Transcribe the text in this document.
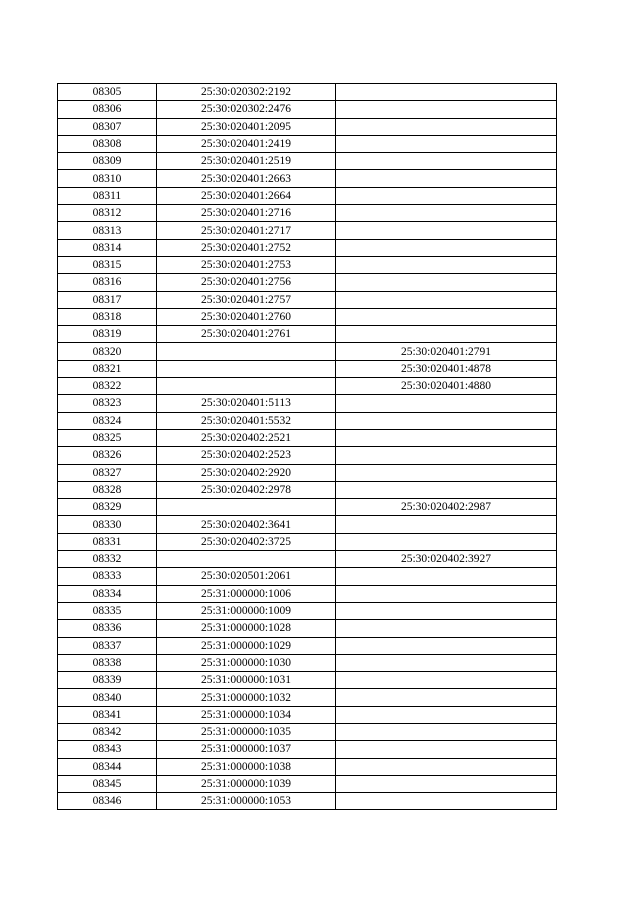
08305	25:30:020302:2192	
08306	25:30:020302:2476	
08307	25:30:020401:2095	
08308	25:30:020401:2419	
08309	25:30:020401:2519	
08310	25:30:020401:2663	
08311	25:30:020401:2664	
08312	25:30:020401:2716	
08313	25:30:020401:2717	
08314	25:30:020401:2752	
08315	25:30:020401:2753	
08316	25:30:020401:2756	
08317	25:30:020401:2757	
08318	25:30:020401:2760	
08319	25:30:020401:2761	
08320		25:30:020401:2791
08321		25:30:020401:4878
08322		25:30:020401:4880
08323	25:30:020401:5113	
08324	25:30:020401:5532	
08325	25:30:020402:2521	
08326	25:30:020402:2523	
08327	25:30:020402:2920	
08328	25:30:020402:2978	
08329		25:30:020402:2987
08330	25:30:020402:3641	
08331	25:30:020402:3725	
08332		25:30:020402:3927
08333	25:30:020501:2061	
08334	25:31:000000:1006	
08335	25:31:000000:1009	
08336	25:31:000000:1028	
08337	25:31:000000:1029	
08338	25:31:000000:1030	
08339	25:31:000000:1031	
08340	25:31:000000:1032	
08341	25:31:000000:1034	
08342	25:31:000000:1035	
08343	25:31:000000:1037	
08344	25:31:000000:1038	
08345	25:31:000000:1039	
08346	25:31:000000:1053	
